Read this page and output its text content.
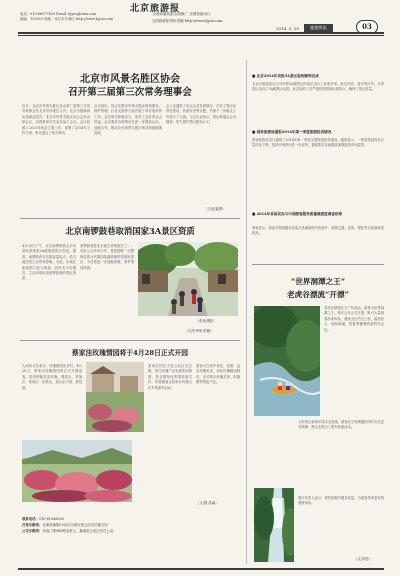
北京旅游报
电话：010-66977439 Email: bjyou@sina.com
邮编：100051 地址：北京市东城区 http://www.bjyou.com
文明和谐旅游全面推广 全国旅游出行
全国旅游报刊网 投稿 http://www.bjyou.com
2014. 5. 28	旅游资讯	03
北京市风景名胜区协会
召开第三届第三次常务理事会
近日，北京市风景名胜区协会第三届第三次常务理事会在北京市怀柔区召开，北京市园林绿化局副巡视员、北京市风景名胜区协会会长出席会议，各理事单位代表参加了会议。会议回顾了2013年协会主要工作，部署了2014年工作计划，审议通过了相关事项。
会议指出，协会在推动风景名胜区规划建设、保护管理、行业交流等方面开展了卓有成效的工作。会员单位积极参与，取得了良好的社会效益。会议要求各理事单位进一步提高认识，加强合作，推动全市风景名胜区事业持续健康发展。
会上还通报了协会会员发展情况，讨论了景区标准化建设、旅游安全等议题，并就下一步重点工作进行了交流。与会代表表示，将认真落实会议精神，努力提升景区服务水平。
（文/赵素勇）
北京南锣鼓巷取消国家3A景区资质
4月25日下午，北京南锣鼓巷主动申请取消国家3A级旅游景区资质。据悉，南锣鼓巷日均游客量较大，给当地居民生活带来影响。为此，东城区旅游部门经与街道、居民充分沟通后，主动申请取消南锣鼓巷的景区资质。
南锣鼓巷是北京最古老的街区之一，具有七百多年历史，是我国唯一完整保存着元代胡同院落肌理的传统民居区。今后将进一步加强管理，保护胡同风貌。
（张杨/摄影）
（文/朱秀荣 供稿）
蔡家洼玫瑰情园将于4月28日正式开园
人间四月芳菲尽，玫瑰情园花开时。4月28日，蔡家洼玫瑰情园将正式开园迎客。园内种植各类玫瑰，观赏区、采摘区、休闲区一应俱全，适合亲子游、情侣游。
蔡家洼村位于密云县巨各庄镇，依托玫瑰产业发展休闲旅游，是全国特色景观旅游名村。开园期间还将举办玫瑰文化节等系列活动。
游客可在园中赏花、拍照、品尝玫瑰美食，体验玫瑰精油制作，还可购买玫瑰花茶、玫瑰酱等特色产品。
（文/图 高森）
联系电话：010-61088000
自驾车路线：京承高速第29出口出前往密云巨各庄镇方向
公交车路线：东直门乘980路至密云，换乘密云至巨各庄公交
■ 北京2014年首批5A景区验收顺利完成
北京市旅游委近日对申报5A级景区的单位进行了验收评审，经过初评、复评等环节，多家景区达到了5A级景区标准。此次验收工作严格按照国家标准执行，确保了景区质量。
■ 国家旅游局通报2014年第一季度旅游投诉情况
国家旅游局近日通报了2014年第一季度全国旅游投诉情况。通报显示，一季度旅游投诉总量同比下降，旅游市场秩序进一步好转。通报要求各地继续加强旅游市场监管。
■ 2014年首届民众与中国游客服务质量满意度调查结果
调查显示，游客对旅游服务质量总体满意度有所提升，旅游交通、住宿、餐饮等方面满意度较高。
“世界洞潭之王”
老虎谷漂流“开漂”
老虎谷漂流位于广东清远，被誉为世界洞潭之王。每年五月正式开漂，吸引大量游客前来体验。漂流全长约五公里，落差较大，惊险刺激，是夏季避暑旅游的好去处。
今年景区新增多项安全设施，游客在享受刺激的同时安全更有保障。景区还推出了系列优惠活动。
景区负责人表示，将持续提升服务质量，为游客带来更好的漂流体验。
（文/刘佳）
